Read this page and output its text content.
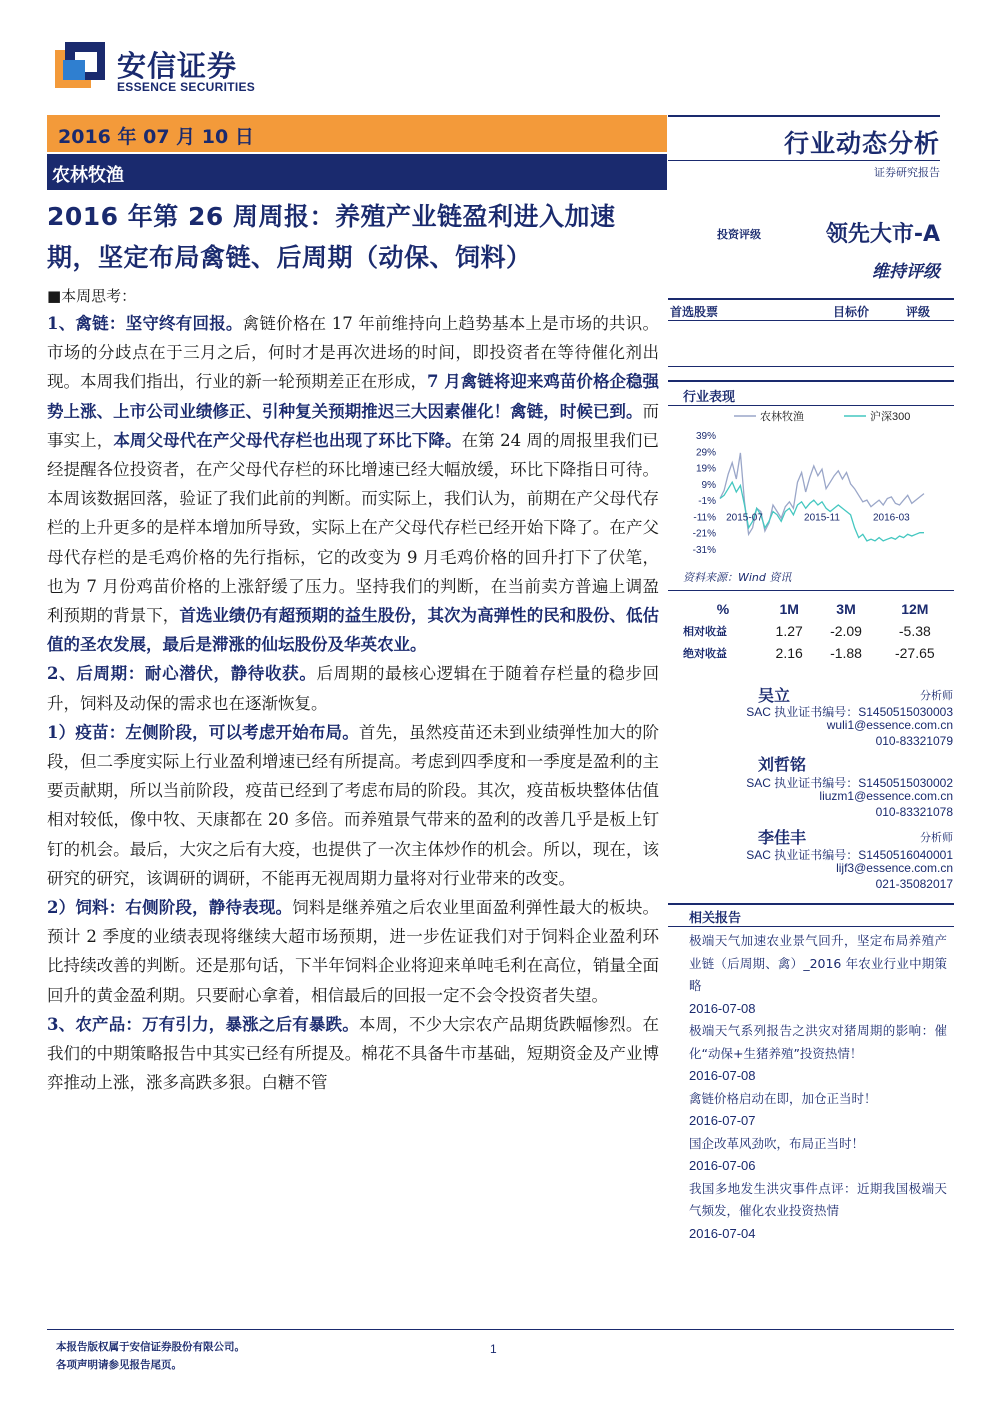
安信证券
ESSENCE SECURITIES
2016 年 07 月 10 日
农林牧渔
行业动态分析
证券研究报告
2016 年第 26 周周报：养殖产业链盈利进入加速期，坚定布局禽链、后周期（动保、饲料）

■本周思考：

1、禽链：坚守终有回报。禽链价格在 17 年前维持向上趋势基本上是市场的共识。市场的分歧点在于三月之后，何时才是再次进场的时间，即投资者在等待催化剂出现。本周我们指出，行业的新一轮预期差正在形成，7 月禽链将迎来鸡苗价格企稳强势上涨、上市公司业绩修正、引种复关预期推迟三大因素催化！禽链，时候已到。而事实上，本周父母代在产父母代存栏也出现了环比下降。在第 24 周的周报里我们已经提醒各位投资者，在产父母代存栏的环比增速已经大幅放缓，环比下降指日可待。本周该数据回落，验证了我们此前的判断。而实际上，我们认为，前期在产父母代存栏的上升更多的是样本增加所导致，实际上在产父母代存栏已经开始下降了。在产父母代存栏的是毛鸡价格的先行指标，它的改变为 9 月毛鸡价格的回升打下了伏笔，也为 7 月份鸡苗价格的上涨舒缓了压力。坚持我们的判断，在当前卖方普遍上调盈利预期的背景下，首选业绩仍有超预期的益生股份，其次为高弹性的民和股份、低估值的圣农发展，最后是滞涨的仙坛股份及华英农业。

2、后周期：耐心潜伏，静待收获。后周期的最核心逻辑在于随着存栏量的稳步回升，饲料及动保的需求也在逐渐恢复。

1）疫苗：左侧阶段，可以考虑开始布局。首先，虽然疫苗还未到业绩弹性加大的阶段，但二季度实际上行业盈利增速已经有所提高。考虑到四季度和一季度是盈利的主要贡献期，所以当前阶段，疫苗已经到了考虑布局的阶段。其次，疫苗板块整体估值相对较低，像中牧、天康都在 20 多倍。而养殖景气带来的盈利的改善几乎是板上钉钉的机会。最后，大灾之后有大疫，也提供了一次主体炒作的机会。所以，现在，该研究的研究，该调研的调研，不能再无视周期力量将对行业带来的改变。

2）饲料：右侧阶段，静待表现。饲料是继养殖之后农业里面盈利弹性最大的板块。预计 2 季度的业绩表现将继续大超市场预期，进一步佐证我们对于饲料企业盈利环比持续改善的判断。还是那句话，下半年饲料企业将迎来单吨毛利在高位，销量全面回升的黄金盈利期。只要耐心拿着，相信最后的回报一定不会令投资者失望。

3、农产品：万有引力，暴涨之后有暴跌。本周，不少大宗农产品期货跌幅惨烈。在我们的中期策略报告中其实已经有所提及。棉花不具备牛市基础，短期资金及产业博弈推动上涨，涨多高跌多狠。白糖不管

投资评级	领先大市-A
维持评级
首选股票	目标价	评级
行业表现
农林牧渔	沪深300
39%
29%
19%
9%
-1%
-11%
-21%
-31%
2015-07	2015-11	2016-03
资料来源：Wind 资讯
%	1M	3M	12M
相对收益	1.27	-2.09	-5.38
绝对收益	2.16	-1.88	-27.65
吴立	分析师
SAC 执业证书编号：S1450515030003
wuli1@essence.com.cn
010-83321079
刘哲铭
SAC 执业证书编号：S1450515030002
liuzm1@essence.com.cn
010-83321078
李佳丰	分析师
SAC 执业证书编号：S1450516040001
lijf3@essence.com.cn
021-35082017
相关报告
极端天气加速农业景气回升，坚定布局养殖产业链（后周期、禽）_2016 年农业行业中期策略
2016-07-08
极端天气系列报告之洪灾对猪周期的影响：催化“动保+生猪养殖”投资热情！
2016-07-08
禽链价格启动在即，加仓正当时！
2016-07-07
国企改革风劲吹，布局正当时！
2016-07-06
我国多地发生洪灾事件点评：近期我国极端天气频发，催化农业投资热情
2016-07-04
本报告版权属于安信证券股份有限公司。
各项声明请参见报告尾页。
1
